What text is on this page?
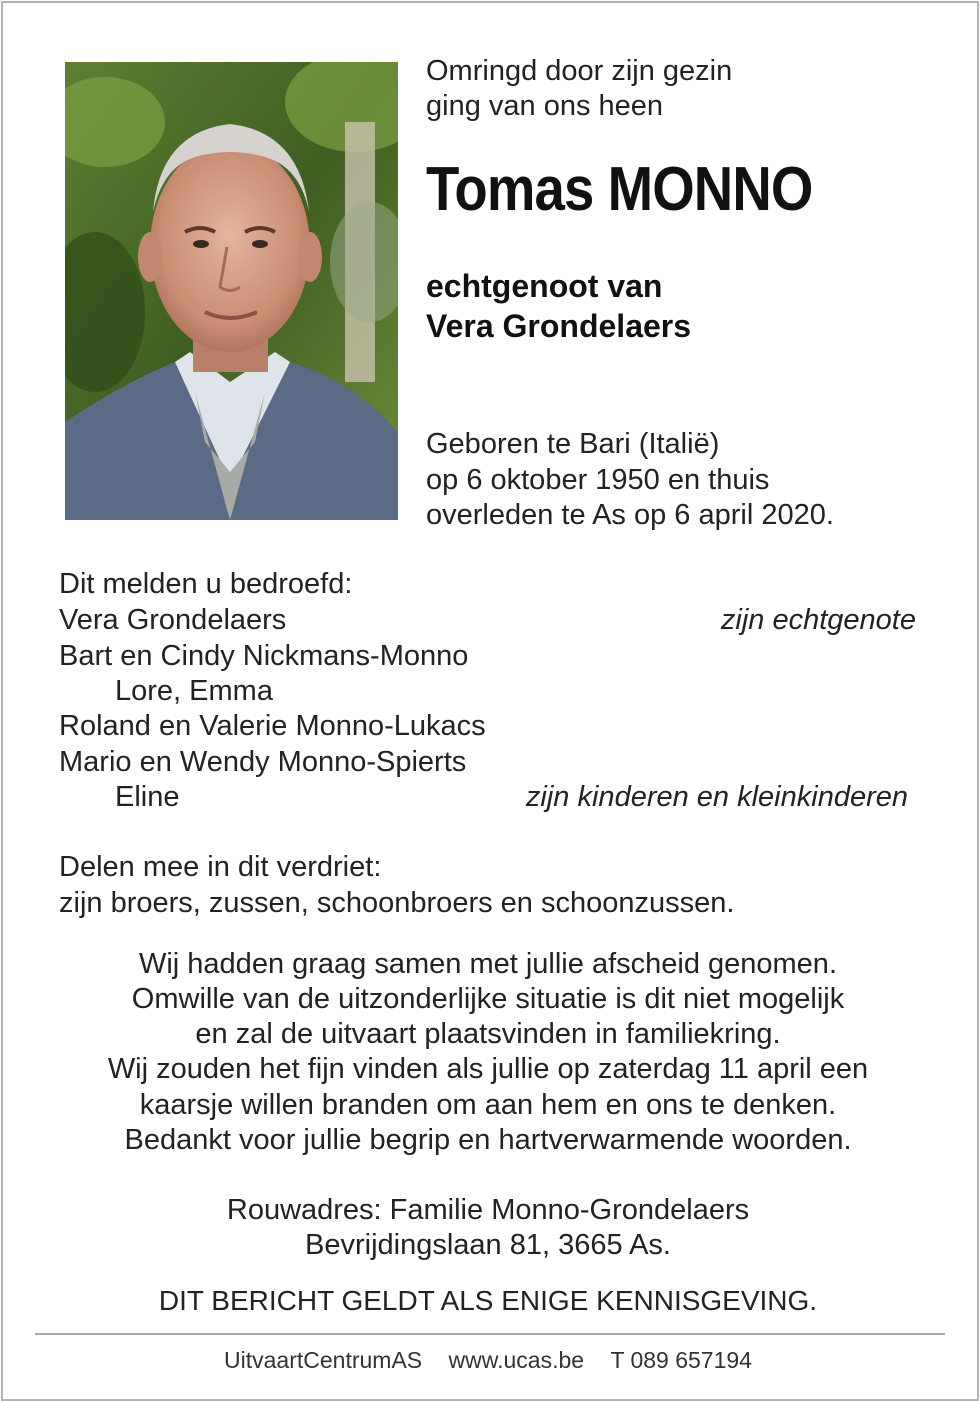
Omringd door zijn gezin
ging van ons heen
Tomas MONNO
echtgenoot van
Vera Grondelaers
Geboren te Bari (Italië)
op 6 oktober 1950 en thuis
overleden te As op 6 april 2020.
Dit melden u bedroefd:
Vera Grondelaers	zijn echtgenote
Bart en Cindy Nickmans-Monno
Lore, Emma
Roland en Valerie Monno-Lukacs
Mario en Wendy Monno-Spierts
Eline	zijn kinderen en kleinkinderen
Delen mee in dit verdriet:
zijn broers, zussen, schoonbroers en schoonzussen.
Wij hadden graag samen met jullie afscheid genomen.
Omwille van de uitzonderlijke situatie is dit niet mogelijk
en zal de uitvaart plaatsvinden in familiekring.
Wij zouden het fijn vinden als jullie op zaterdag 11 april een
kaarsje willen branden om aan hem en ons te denken.
Bedankt voor jullie begrip en hartverwarmende woorden.
Rouwadres: Familie Monno-Grondelaers
Bevrijdingslaan 81, 3665 As.
DIT BERICHT GELDT ALS ENIGE KENNISGEVING.
UitvaartCentrumAS www.ucas.be T 089 657194
